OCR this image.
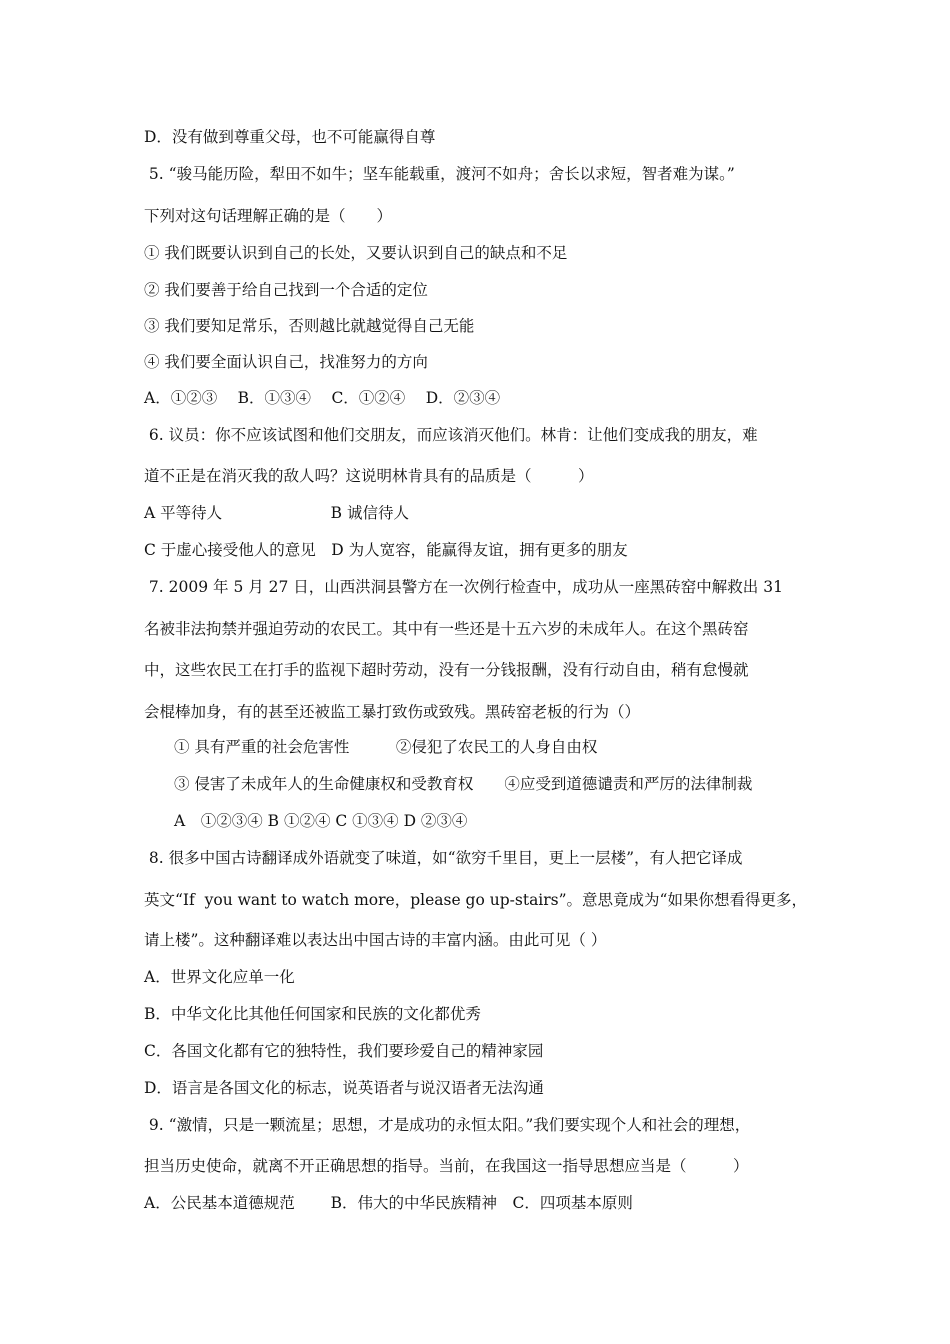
D．没有做到尊重父母，也不可能赢得自尊
5. “骏马能历险，犁田不如牛；坚车能载重，渡河不如舟；舍长以求短，智者难为谋。”
下列对这句话理解正确的是（　　）
① 我们既要认识到自己的长处，又要认识到自己的缺点和不足
② 我们要善于给自己找到一个合适的定位
③ 我们要知足常乐，否则越比就越觉得自己无能
④ 我们要全面认识自己，找准努力的方向
A．①②③　 B．①③④　 C．①②④　 D．②③④
6. 议员：你不应该试图和他们交朋友，而应该消灭他们。林肯：让他们变成我的朋友，难
道不正是在消灭我的敌人吗？这说明林肯具有的品质是（　　　）
A 平等待人　　　　　　　B 诚信待人
C 于虚心接受他人的意见　D 为人宽容，能赢得友谊，拥有更多的朋友
7. 2009 年 5 月 27 日，山西洪洞县警方在一次例行检查中，成功从一座黑砖窑中解救出 31
名被非法拘禁并强迫劳动的农民工。其中有一些还是十五六岁的未成年人。在这个黑砖窑
中，这些农民工在打手的监视下超时劳动，没有一分钱报酬，没有行动自由，稍有怠慢就
会棍棒加身，有的甚至还被监工暴打致伤或致残。黑砖窑老板的行为（）
① 具有严重的社会危害性　　　②侵犯了农民工的人身自由权
③ 侵害了未成年人的生命健康权和受教育权　　④应受到道德谴责和严厉的法律制裁
A　①②③④ B ①②④ C ①③④ D ②③④
8. 很多中国古诗翻译成外语就变了味道，如“欲穷千里目，更上一层楼”，有人把它译成
英文“If  you want to watch more，please go up-stairs”。意思竟成为“如果你想看得更多，
请上楼”。这种翻译难以表达出中国古诗的丰富内涵。由此可见（ ）
A．世界文化应单一化
B．中华文化比其他任何国家和民族的文化都优秀
C．各国文化都有它的独特性，我们要珍爱自己的精神家园
D．语言是各国文化的标志，说英语者与说汉语者无法沟通
9. “激情，只是一颗流星；思想，才是成功的永恒太阳。”我们要实现个人和社会的理想，
担当历史使命，就离不开正确思想的指导。当前，在我国这一指导思想应当是（　　　）
A．公民基本道德规范　　 B．伟大的中华民族精神　C．四项基本原则
